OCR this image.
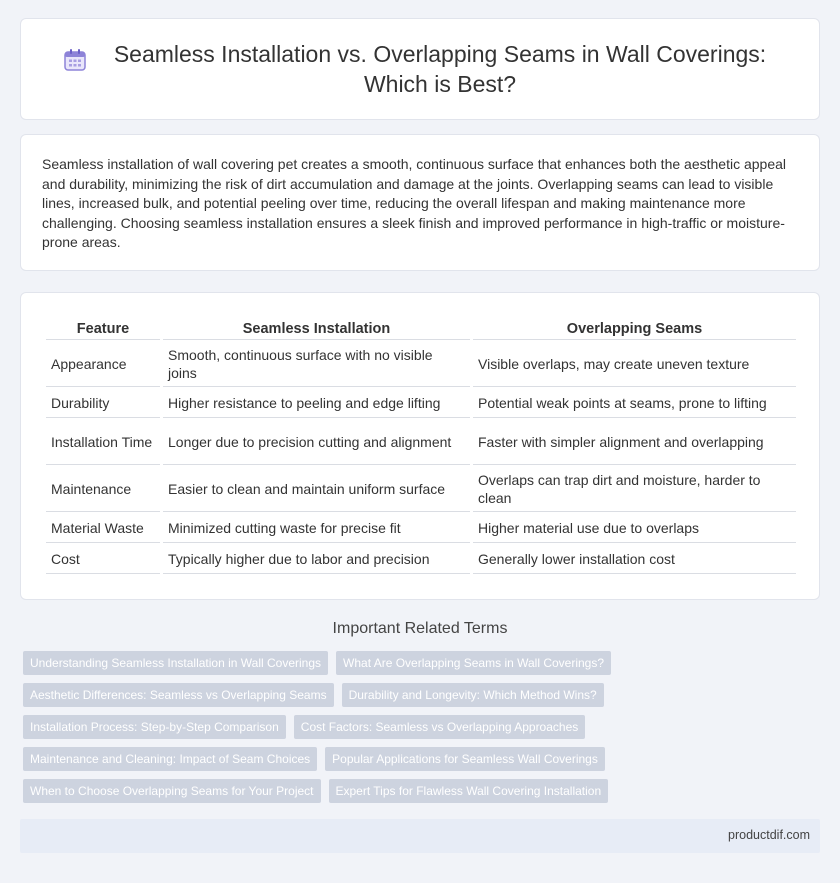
Seamless Installation vs. Overlapping Seams in Wall Coverings: Which is Best?

Seamless installation of wall covering pet creates a smooth, continuous surface that enhances both the aesthetic appeal and durability, minimizing the risk of dirt accumulation and damage at the joints. Overlapping seams can lead to visible lines, increased bulk, and potential peeling over time, reducing the overall lifespan and making maintenance more challenging. Choosing seamless installation ensures a sleek finish and improved performance in high-traffic or moisture-prone areas.

Feature	Seamless Installation	Overlapping Seams
Appearance	Smooth, continuous surface with no visible joins	Visible overlaps, may create uneven texture
Durability	Higher resistance to peeling and edge lifting	Potential weak points at seams, prone to lifting
Installation Time	Longer due to precision cutting and alignment	Faster with simpler alignment and overlapping
Maintenance	Easier to clean and maintain uniform surface	Overlaps can trap dirt and moisture, harder to clean
Material Waste	Minimized cutting waste for precise fit	Higher material use due to overlaps
Cost	Typically higher due to labor and precision	Generally lower installation cost
Important Related Terms
Understanding Seamless Installation in Wall Coverings	What Are Overlapping Seams in Wall Coverings?
Aesthetic Differences: Seamless vs Overlapping Seams	Durability and Longevity: Which Method Wins?
Installation Process: Step-by-Step Comparison	Cost Factors: Seamless vs Overlapping Approaches
Maintenance and Cleaning: Impact of Seam Choices	Popular Applications for Seamless Wall Coverings
When to Choose Overlapping Seams for Your Project	Expert Tips for Flawless Wall Covering Installation
productdif.com
